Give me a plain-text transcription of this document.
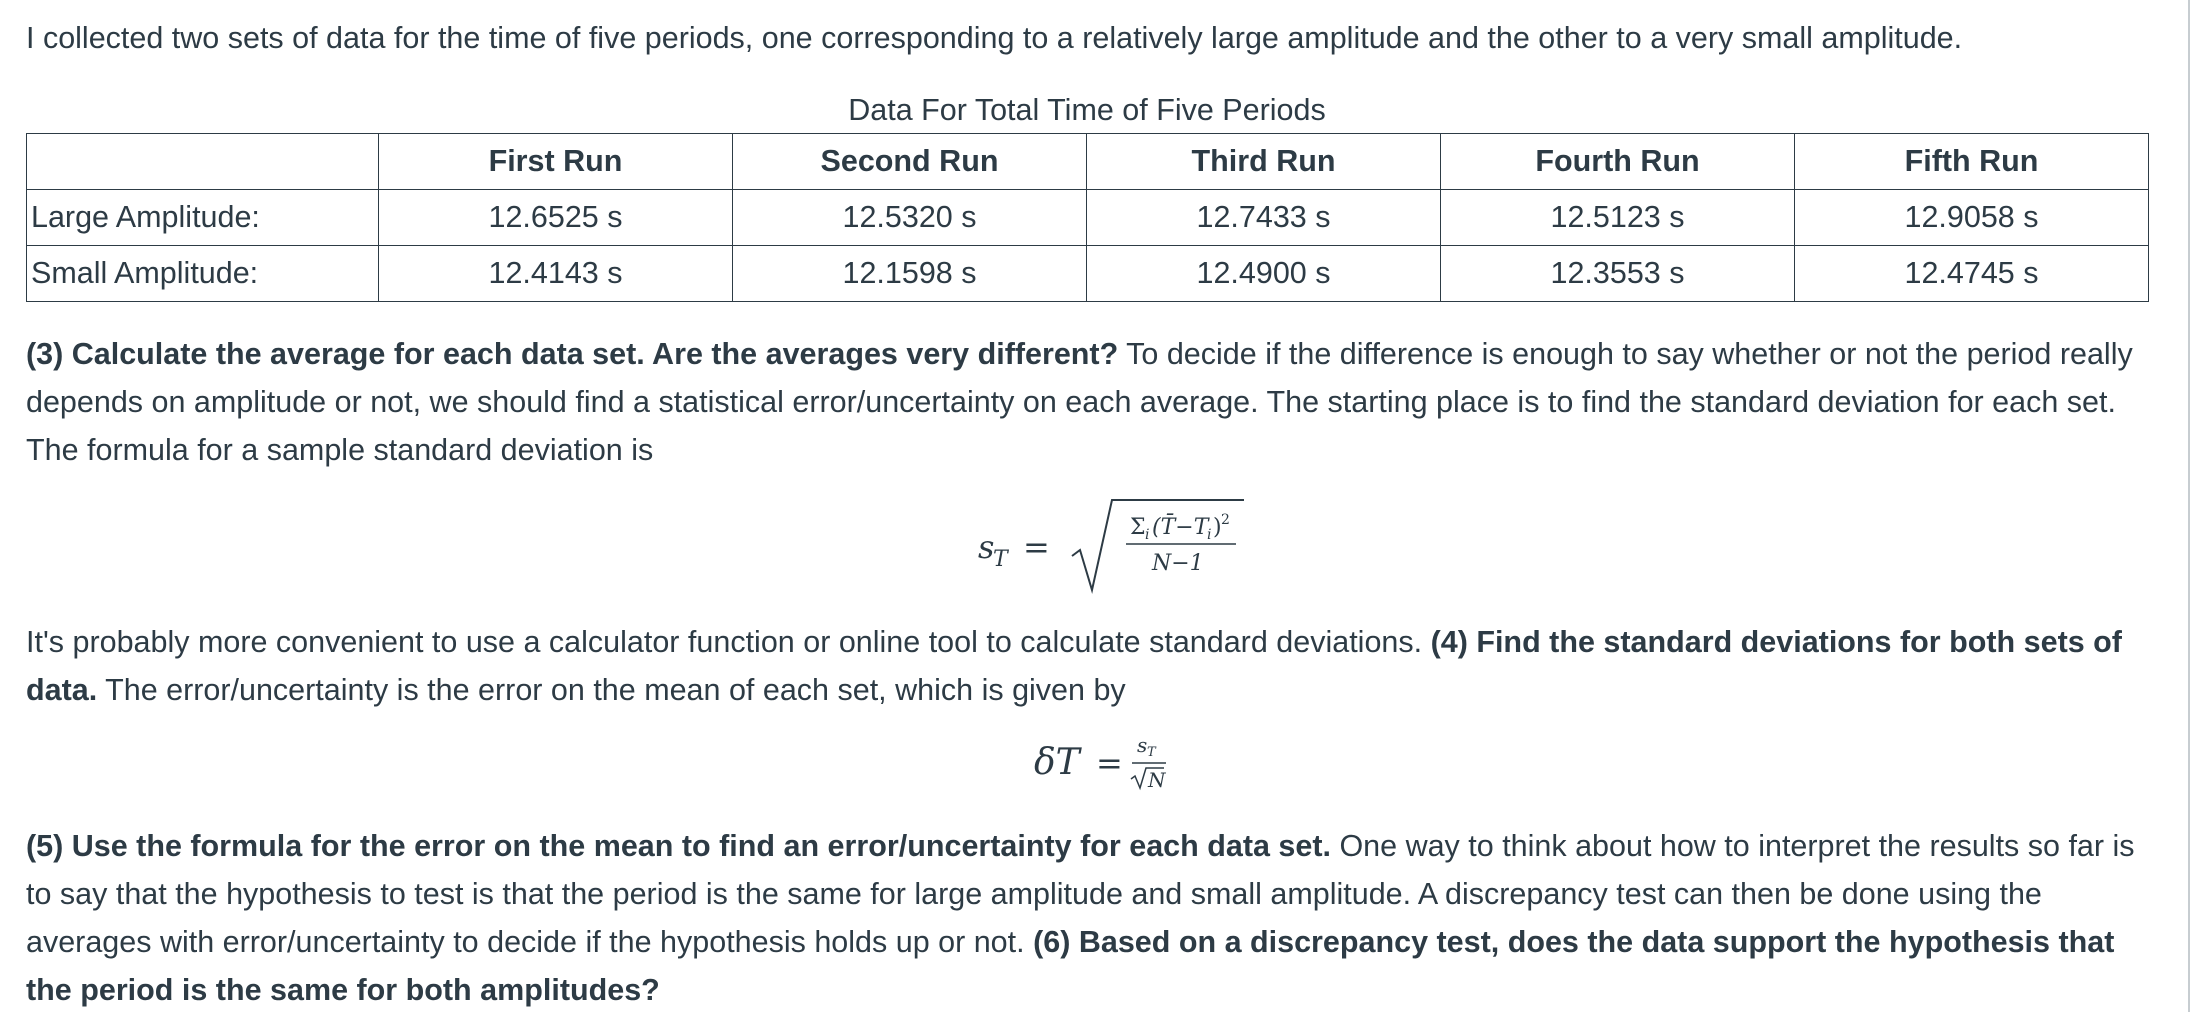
I collected two sets of data for the time of five periods, one corresponding to a relatively large amplitude and the other to a very small amplitude.

Data For Total Time of Five Periods
	First Run	Second Run	Third Run	Fourth Run	Fifth Run
Large Amplitude:	12.6525 s	12.5320 s	12.7433 s	12.5123 s	12.9058 s
Small Amplitude:	12.4143 s	12.1598 s	12.4900 s	12.3553 s	12.4745 s

(3) Calculate the average for each data set. Are the averages very different? To decide if the difference is enough to say whether or not the period really depends on amplitude or not, we should find a statistical error/uncertainty on each average. The starting place is to find the standard deviation for each set. The formula for a sample standard deviation is

s
T =
Σ i (T̄−T
i ) 2
N−1

It's probably more convenient to use a calculator function or online tool to calculate standard deviations. (4) Find the standard deviations for both sets of data. The error/uncertainty is the error on the mean of each set, which is given by

δT = s T
N

(5) Use the formula for the error on the mean to find an error/uncertainty for each data set. One way to think about how to interpret the results so far is to say that the hypothesis to test is that the period is the same for large amplitude and small amplitude. A discrepancy test can then be done using the averages with error/uncertainty to decide if the hypothesis holds up or not. (6) Based on a discrepancy test, does the data support the hypothesis that the period is the same for both amplitudes?
